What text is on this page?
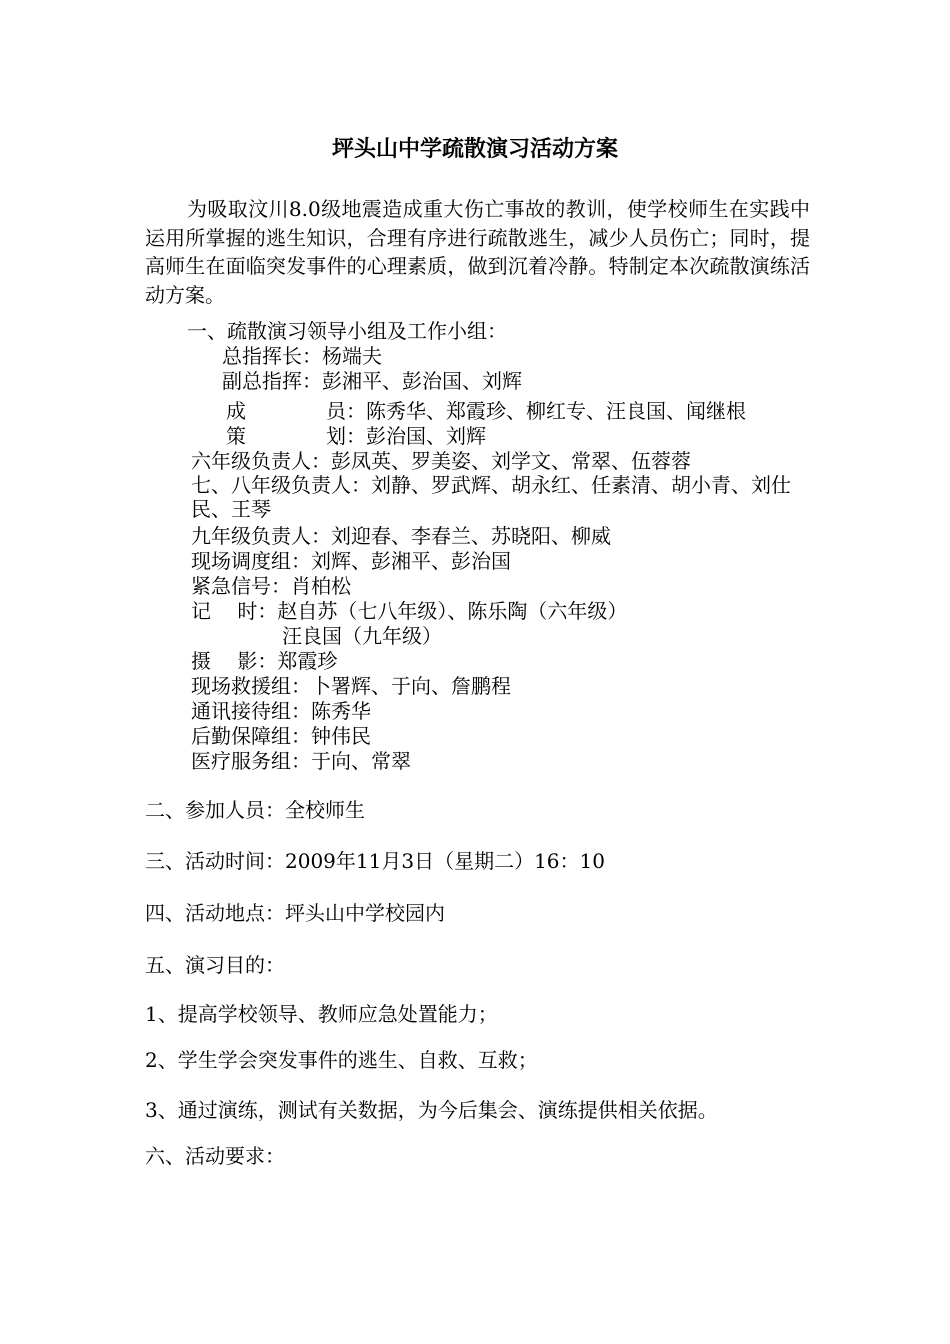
坪头山中学疏散演习活动方案

为吸取汶川8.0级地震造成重大伤亡事故的教训，使学校师生在实践中运用所掌握的逃生知识，合理有序进行疏散逃生，减少人员伤亡；同时，提高师生在面临突发事件的心理素质，做到沉着冷静。特制定本次疏散演练活动方案。

一、疏散演习领导小组及工作小组：

总指挥长：杨端夫

副总指挥：彭湘平、彭治国、刘辉

成　　　　员：陈秀华、郑霞珍、柳红专、汪良国、闻继根

策　　　　划：彭治国、刘辉

六年级负责人：彭凤英、罗美姿、刘学文、常翠、伍蓉蓉

七、八年级负责人：刘静、罗武辉、胡永红、任素清、胡小青、刘仕民、王琴

九年级负责人：刘迎春、李春兰、苏晓阳、柳威

现场调度组：刘辉、彭湘平、彭治国

紧急信号：肖柏松

记　 时：赵自苏（七八年级）、陈乐陶（六年级）

汪良国（九年级）

摄　 影：郑霞珍

现场救援组：卜署辉、于向、詹鹏程

通讯接待组：陈秀华

后勤保障组：钟伟民

医疗服务组：于向、常翠

二、参加人员：全校师生

三、活动时间：2009年11月3日（星期二）16：10

四、活动地点：坪头山中学校园内

五、演习目的：

1、提高学校领导、教师应急处置能力；

2、学生学会突发事件的逃生、自救、互救；

3、通过演练，测试有关数据，为今后集会、演练提供相关依据。

六、活动要求：
